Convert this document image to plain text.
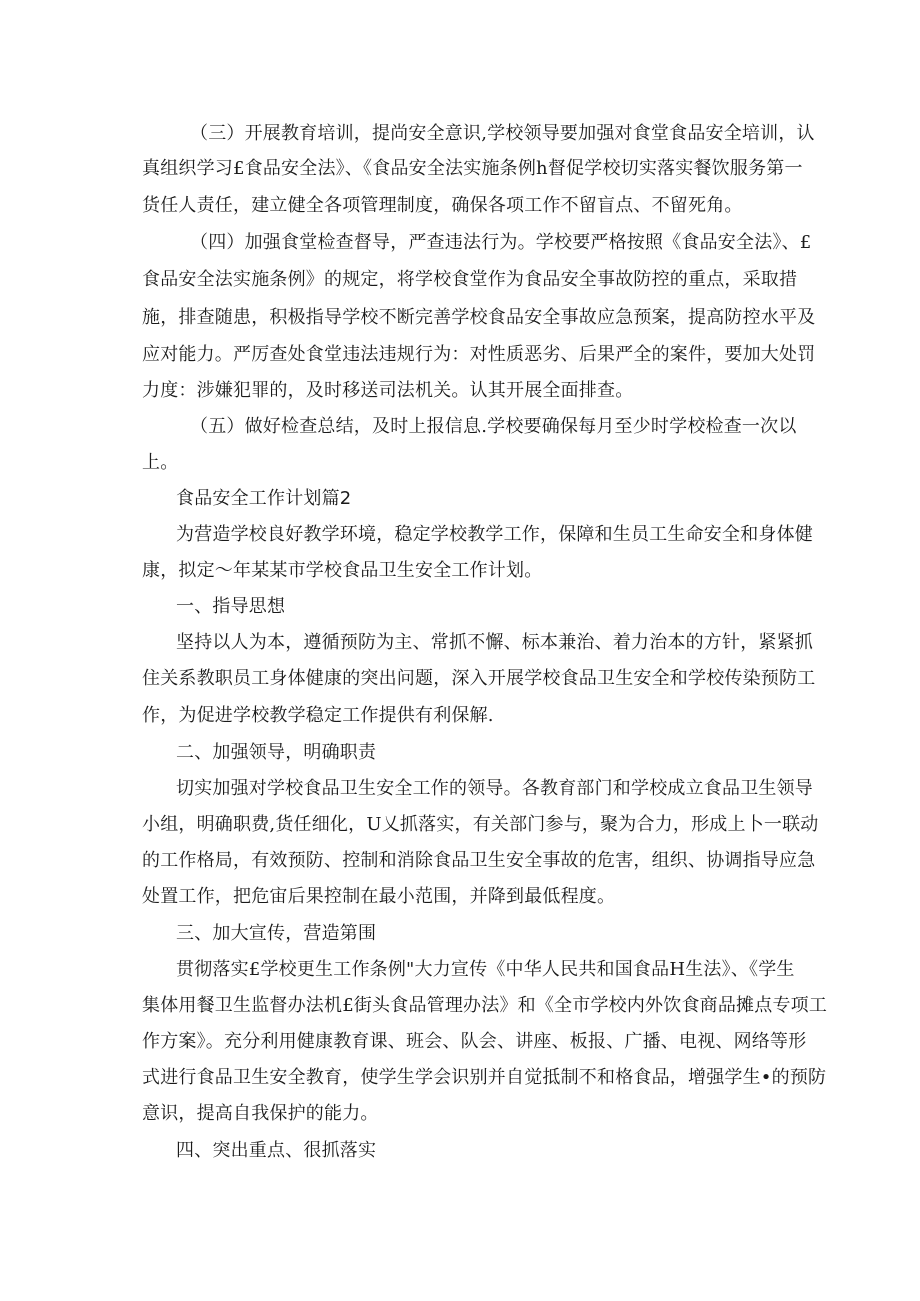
（三）开展教育培训，提尚安全意识,学校领导要加强对食堂食品安全培训，认

真组织学习£食品安全法》、《食品安全法实施条例h督促学校切实落实餐饮服务第一

货任人责任，建立健全各项管理制度，确保各项工作不留盲点、不留死角。

（四）加强食堂检查督导，严查违法行为。学校要严格按照《食品安全法》、£

食品安全法实施条例》的规定，将学校食堂作为食品安全事故防控的重点，采取措

施，排查随患，积极指导学校不断完善学校食品安全事故应急预案，提高防控水平及

应对能力。严厉查处食堂违法违规行为：对性质恶劣、后果严全的案件，要加大处罚

力度：涉嫌犯罪的，及时移送司法机关。认其开展全面排查。

（五）做好检查总结，及时上报信息.学校要确保每月至少时学校检查一次以

上。

食品安全工作计划篇2

为营造学校良好教学环境，稳定学校教学工作，保障和生员工生命安全和身体健

康，拟定～年某某市学校食品卫生安全工作计划。

一、指导思想

坚持以人为本，遵循预防为主、常抓不懈、标本兼治、着力治本的方针，紧紧抓

住关系教职员工身体健康的突出问题，深入开展学校食品卫生安全和学校传染预防工

作，为促进学校教学稳定工作提供有利保解.

二、加强领导，明确职责

切实加强对学校食品卫生安全工作的领导。各教育部门和学校成立食品卫生领导

小组，明确职费,货任细化，U乂抓落实，有关部门参与，聚为合力，形成上卜一联动

的工作格局，有效预防、控制和消除食品卫生安全事故的危害，组织、协调指导应急

处置工作，把危宙后果控制在最小范围，并降到最低程度。

三、加大宣传，营造第围

贯彻落实£学校更生工作条例"大力宣传《中华人民共和国食品H生法》、《学生

集体用餐卫生监督办法机£街头食品管理办法》和《全市学校内外饮食商品摊点专项工

作方案》。充分利用健康教育课、班会、队会、讲座、板报、广播、电视、网络等形

式进行食品卫生安全教育，使学生学会识别并自觉抵制不和格食品，增强学生•的预防

意识，提高自我保护的能力。

四、突出重点、很抓落实
